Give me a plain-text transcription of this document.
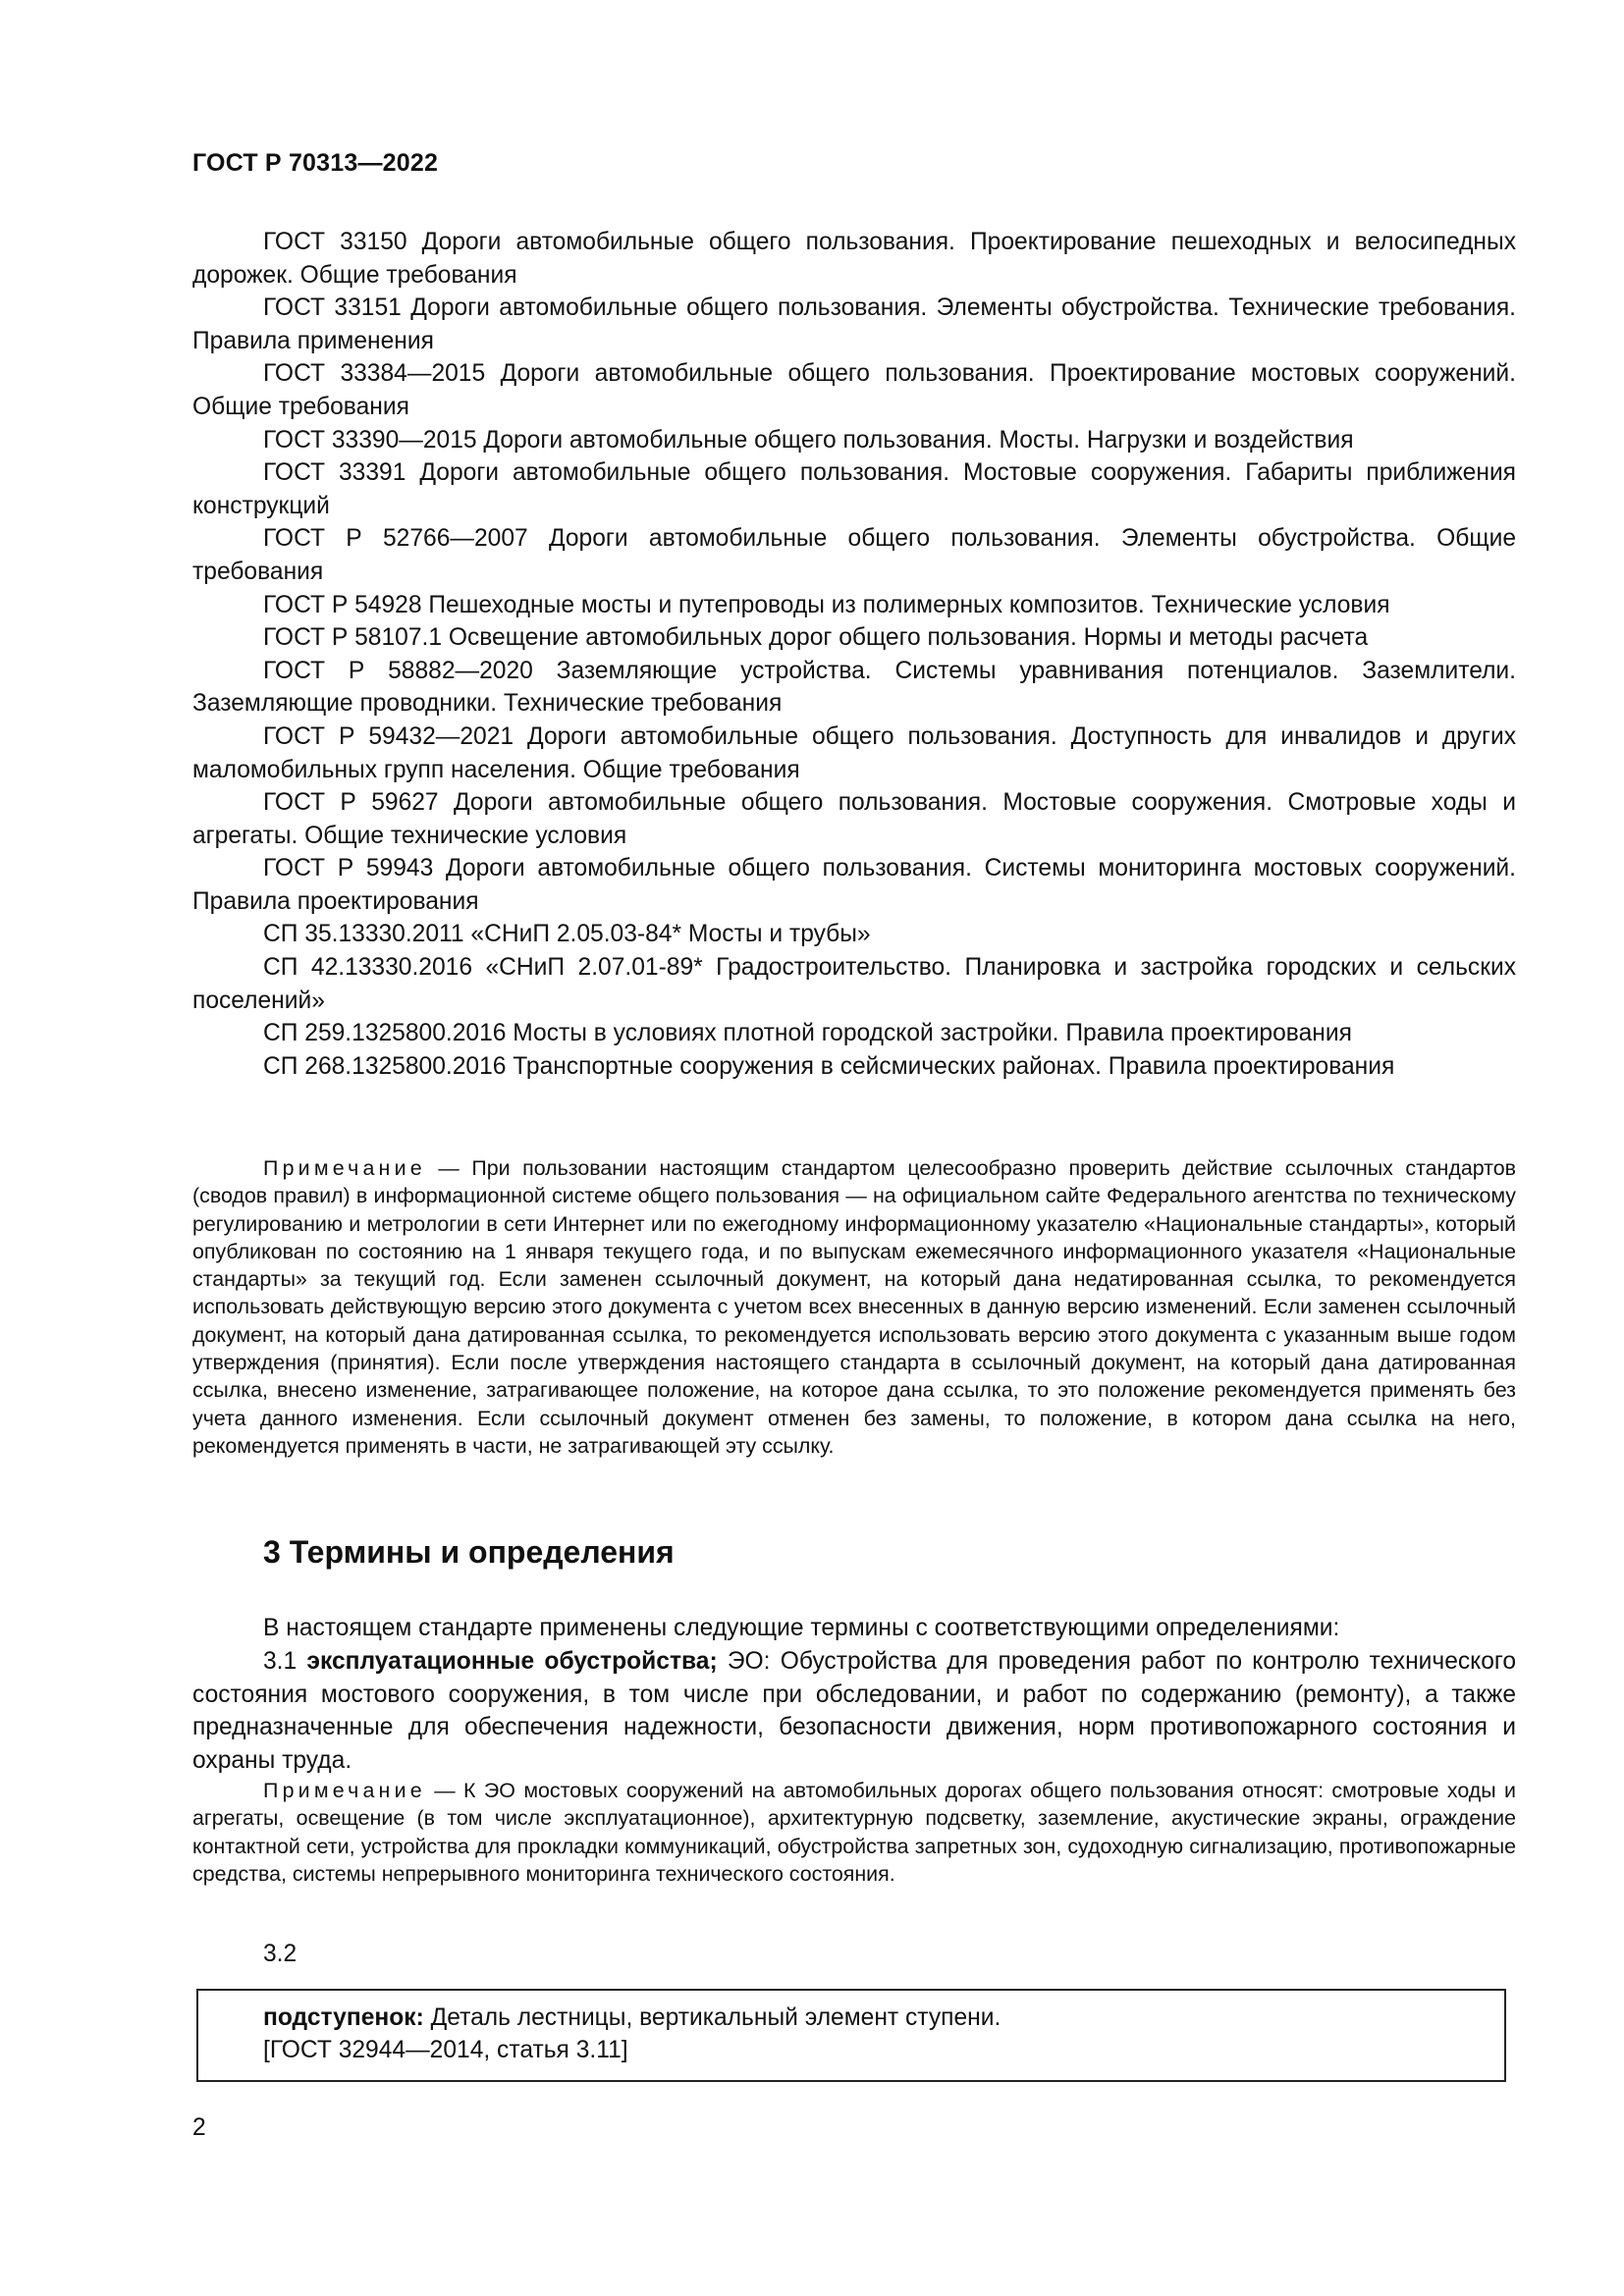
ГОСТ Р 70313—2022
ГОСТ 33150 Дороги автомобильные общего пользования. Проектирование пешеходных и велосипедных дорожек. Общие требования
ГОСТ 33151 Дороги автомобильные общего пользования. Элементы обустройства. Технические требования. Правила применения
ГОСТ 33384—2015 Дороги автомобильные общего пользования. Проектирование мостовых сооружений. Общие требования
ГОСТ 33390—2015 Дороги автомобильные общего пользования. Мосты. Нагрузки и воздействия
ГОСТ 33391 Дороги автомобильные общего пользования. Мостовые сооружения. Габариты приближения конструкций
ГОСТ Р 52766—2007 Дороги автомобильные общего пользования. Элементы обустройства. Общие требования
ГОСТ Р 54928 Пешеходные мосты и путепроводы из полимерных композитов. Технические условия
ГОСТ Р 58107.1 Освещение автомобильных дорог общего пользования. Нормы и методы расчета
ГОСТ Р 58882—2020 Заземляющие устройства. Системы уравнивания потенциалов. Заземлители. Заземляющие проводники. Технические требования
ГОСТ Р 59432—2021 Дороги автомобильные общего пользования. Доступность для инвалидов и других маломобильных групп населения. Общие требования
ГОСТ Р 59627 Дороги автомобильные общего пользования. Мостовые сооружения. Смотровые ходы и агрегаты. Общие технические условия
ГОСТ Р 59943 Дороги автомобильные общего пользования. Системы мониторинга мостовых сооружений. Правила проектирования
СП 35.13330.2011 «СНиП 2.05.03-84* Мосты и трубы»
СП 42.13330.2016 «СНиП 2.07.01-89* Градостроительство. Планировка и застройка городских и сельских поселений»
СП 259.1325800.2016 Мосты в условиях плотной городской застройки. Правила проектирования
СП 268.1325800.2016 Транспортные сооружения в сейсмических районах. Правила проектирования
Примечание — При пользовании настоящим стандартом целесообразно проверить действие ссылочных стандартов (сводов правил) в информационной системе общего пользования — на официальном сайте Федерального агентства по техническому регулированию и метрологии в сети Интернет или по ежегодному информационному указателю «Национальные стандарты», который опубликован по состоянию на 1 января текущего года, и по выпускам ежемесячного информационного указателя «Национальные стандарты» за текущий год. Если заменен ссылочный документ, на который дана недатированная ссылка, то рекомендуется использовать действующую версию этого документа с учетом всех внесенных в данную версию изменений. Если заменен ссылочный документ, на который дана датированная ссылка, то рекомендуется использовать версию этого документа с указанным выше годом утверждения (принятия). Если после утверждения настоящего стандарта в ссылочный документ, на который дана датированная ссылка, внесено изменение, затрагивающее положение, на которое дана ссылка, то это положение рекомендуется применять без учета данного изменения. Если ссылочный документ отменен без замены, то положение, в котором дана ссылка на него, рекомендуется применять в части, не затрагивающей эту ссылку.
3 Термины и определения
В настоящем стандарте применены следующие термины с соответствующими определениями:
3.1 эксплуатационные обустройства; ЭО: Обустройства для проведения работ по контролю технического состояния мостового сооружения, в том числе при обследовании, и работ по содержанию (ремонту), а также предназначенные для обеспечения надежности, безопасности движения, норм противопожарного состояния и охраны труда.
Примечание — К ЭО мостовых сооружений на автомобильных дорогах общего пользования относят: смотровые ходы и агрегаты, освещение (в том числе эксплуатационное), архитектурную подсветку, заземление, акустические экраны, ограждение контактной сети, устройства для прокладки коммуникаций, обустройства запретных зон, судоходную сигнализацию, противопожарные средства, системы непрерывного мониторинга технического состояния.
3.2
подступенок: Деталь лестницы, вертикальный элемент ступени.
[ГОСТ 32944—2014, статья 3.11]
2
